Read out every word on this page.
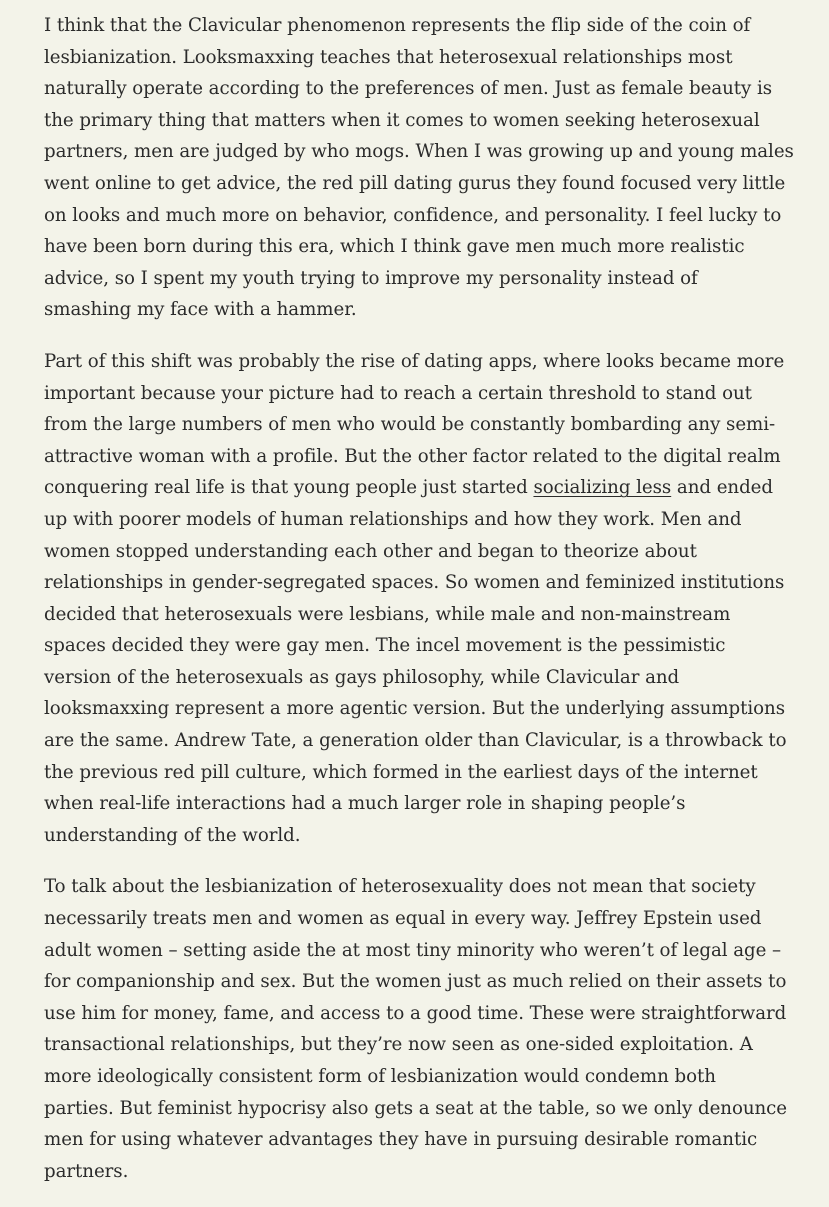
I think that the Clavicular phenomenon represents the flip side of the coin of
lesbianization. Looksmaxxing teaches that heterosexual relationships most
naturally operate according to the preferences of men. Just as female beauty is
the primary thing that matters when it comes to women seeking heterosexual
partners, men are judged by who mogs. When I was growing up and young males
went online to get advice, the red pill dating gurus they found focused very little
on looks and much more on behavior, confidence, and personality. I feel lucky to
have been born during this era, which I think gave men much more realistic
advice, so I spent my youth trying to improve my personality instead of
smashing my face with a hammer.

Part of this shift was probably the rise of dating apps, where looks became more
important because your picture had to reach a certain threshold to stand out
from the large numbers of men who would be constantly bombarding any semi-
attractive woman with a profile. But the other factor related to the digital realm
conquering real life is that young people just started socializing less and ended
up with poorer models of human relationships and how they work. Men and
women stopped understanding each other and began to theorize about
relationships in gender-segregated spaces. So women and feminized institutions
decided that heterosexuals were lesbians, while male and non-mainstream
spaces decided they were gay men. The incel movement is the pessimistic
version of the heterosexuals as gays philosophy, while Clavicular and
looksmaxxing represent a more agentic version. But the underlying assumptions
are the same. Andrew Tate, a generation older than Clavicular, is a throwback to
the previous red pill culture, which formed in the earliest days of the internet
when real-life interactions had a much larger role in shaping people’s
understanding of the world.

To talk about the lesbianization of heterosexuality does not mean that society
necessarily treats men and women as equal in every way. Jeffrey Epstein used
adult women – setting aside the at most tiny minority who weren’t of legal age –
for companionship and sex. But the women just as much relied on their assets to
use him for money, fame, and access to a good time. These were straightforward
transactional relationships, but they’re now seen as one-sided exploitation. A
more ideologically consistent form of lesbianization would condemn both
parties. But feminist hypocrisy also gets a seat at the table, so we only denounce
men for using whatever advantages they have in pursuing desirable romantic
partners.
